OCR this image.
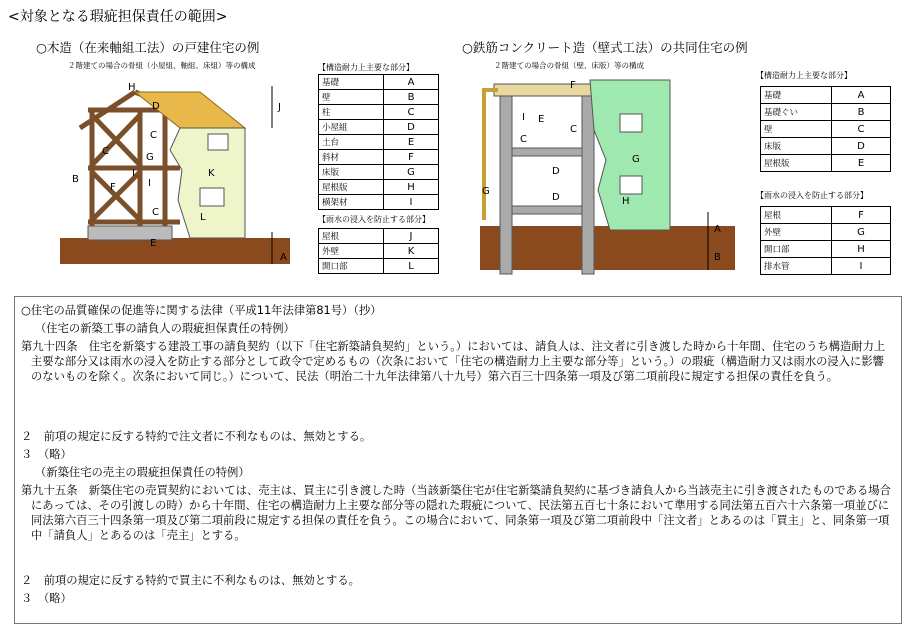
<対象となる瑕疵担保責任の範囲>
○木造（在来軸組工法）の戸建住宅の例
２階建ての場合の骨組（小屋組、軸組、床組）等の構成
A
B
C
D
E
F
G
H
I
J
K
L
C
I
C
【構造耐力上主要な部分】
基礎	A
壁	B
柱	C
小屋組	D
土台	E
斜材	F
床版	G
屋根版	H
横架材	I
【雨水の浸入を防止する部分】
屋根	J
外壁	K
開口部	L
○鉄筋コンクリート造（壁式工法）の共同住宅の例
２階建ての場合の骨組（壁、床版）等の構成
A
B
C
C
D
D
E
F
G
G
H
I
【構造耐力上主要な部分】
基礎	A
基礎ぐい	B
壁	C
床版	D
屋根版	E
【雨水の浸入を防止する部分】
屋根	F
外壁	G
開口部	H
排水管	I

○住宅の品質確保の促進等に関する法律（平成11年法律第81号）（抄）

（住宅の新築工事の請負人の瑕疵担保責任の特例）

第九十四条　住宅を新築する建設工事の請負契約（以下「住宅新築請負契約」という。）においては、請負人は、注文者に引き渡した時から十年間、住宅のうち構造耐力上主要な部分又は雨水の浸入を防止する部分として政令で定めるもの（次条において「住宅の構造耐力上主要な部分等」という。）の瑕疵（構造耐力又は雨水の浸入に影響のないものを除く。次条において同じ。）について、民法（明治二十九年法律第八十九号）第六百三十四条第一項及び第二項前段に規定する担保の責任を負う。

２　前項の規定に反する特約で注文者に不利なものは、無効とする。

３　（略）

（新築住宅の売主の瑕疵担保責任の特例）

第九十五条　新築住宅の売買契約においては、売主は、買主に引き渡した時（当該新築住宅が住宅新築請負契約に基づき請負人から当該売主に引き渡されたものである場合にあっては、その引渡しの時）から十年間、住宅の構造耐力上主要な部分等の隠れた瑕疵について、民法第五百七十条において準用する同法第五百六十六条第一項並びに同法第六百三十四条第一項及び第二項前段に規定する担保の責任を負う。この場合において、同条第一項及び第二項前段中「注文者」とあるのは「買主」と、同条第一項中「請負人」とあるのは「売主」とする。

２　前項の規定に反する特約で買主に不利なものは、無効とする。

３　（略）
